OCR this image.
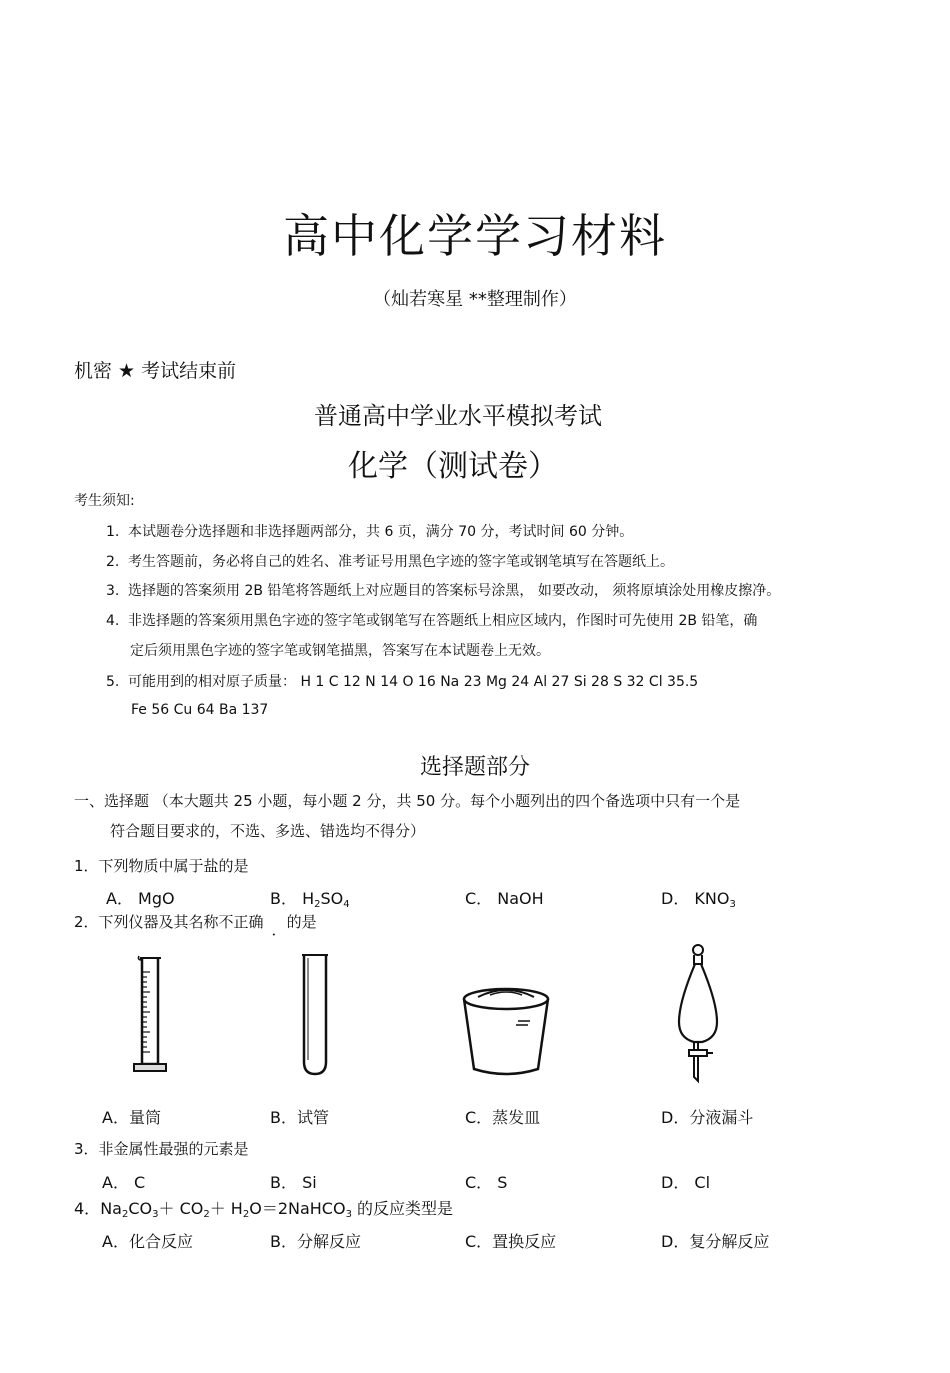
高中化学学习材料
（灿若寒星 **整理制作）
机密 ★ 考试结束前
普通高中学业水平模拟考试
化学（测试卷）
考生须知:
1. 本试题卷分选择题和非选择题两部分，共 6 页，满分 70 分，考试时间 60 分钟。
2. 考生答题前，务必将自己的姓名、准考证号用黑色字迹的签字笔或钢笔填写在答题纸上。
3. 选择题的答案须用 2B 铅笔将答题纸上对应题目的答案标号涂黑， 如要改动， 须将原填涂处用橡皮擦净。
4. 非选择题的答案须用黑色字迹的签字笔或钢笔写在答题纸上相应区域内，作图时可先使用 2B 铅笔，确
定后须用黑色字迹的签字笔或钢笔描黑，答案写在本试题卷上无效。
5. 可能用到的相对原子质量： H 1 C 12 N 14 O 16 Na 23 Mg 24 Al 27 Si 28 S 32 Cl 35.5
Fe 56 Cu 64 Ba 137
选择题部分
一、选择题 （本大题共 25 小题，每小题 2 分，共 50 分。每个小题列出的四个备选项中只有一个是
符合题目要求的，不选、多选、错选均不得分）
1．下列物质中属于盐的是
A． MgO	B． $H_2SO_4$	C． NaOH	D． $KNO_3$
2．下列仪器及其名称不正确 ．的是
A．量筒	B．试管	C．蒸发皿	D．分液漏斗
3．非金属性最强的元素是
A． C	B． Si	C． S	D． Cl
4．$Na_2CO_3+ CO_2+$ $H_2O=2NaHCO_3$ 的反应类型是
A．化合反应	B．分解反应	C．置换反应	D．复分解反应
